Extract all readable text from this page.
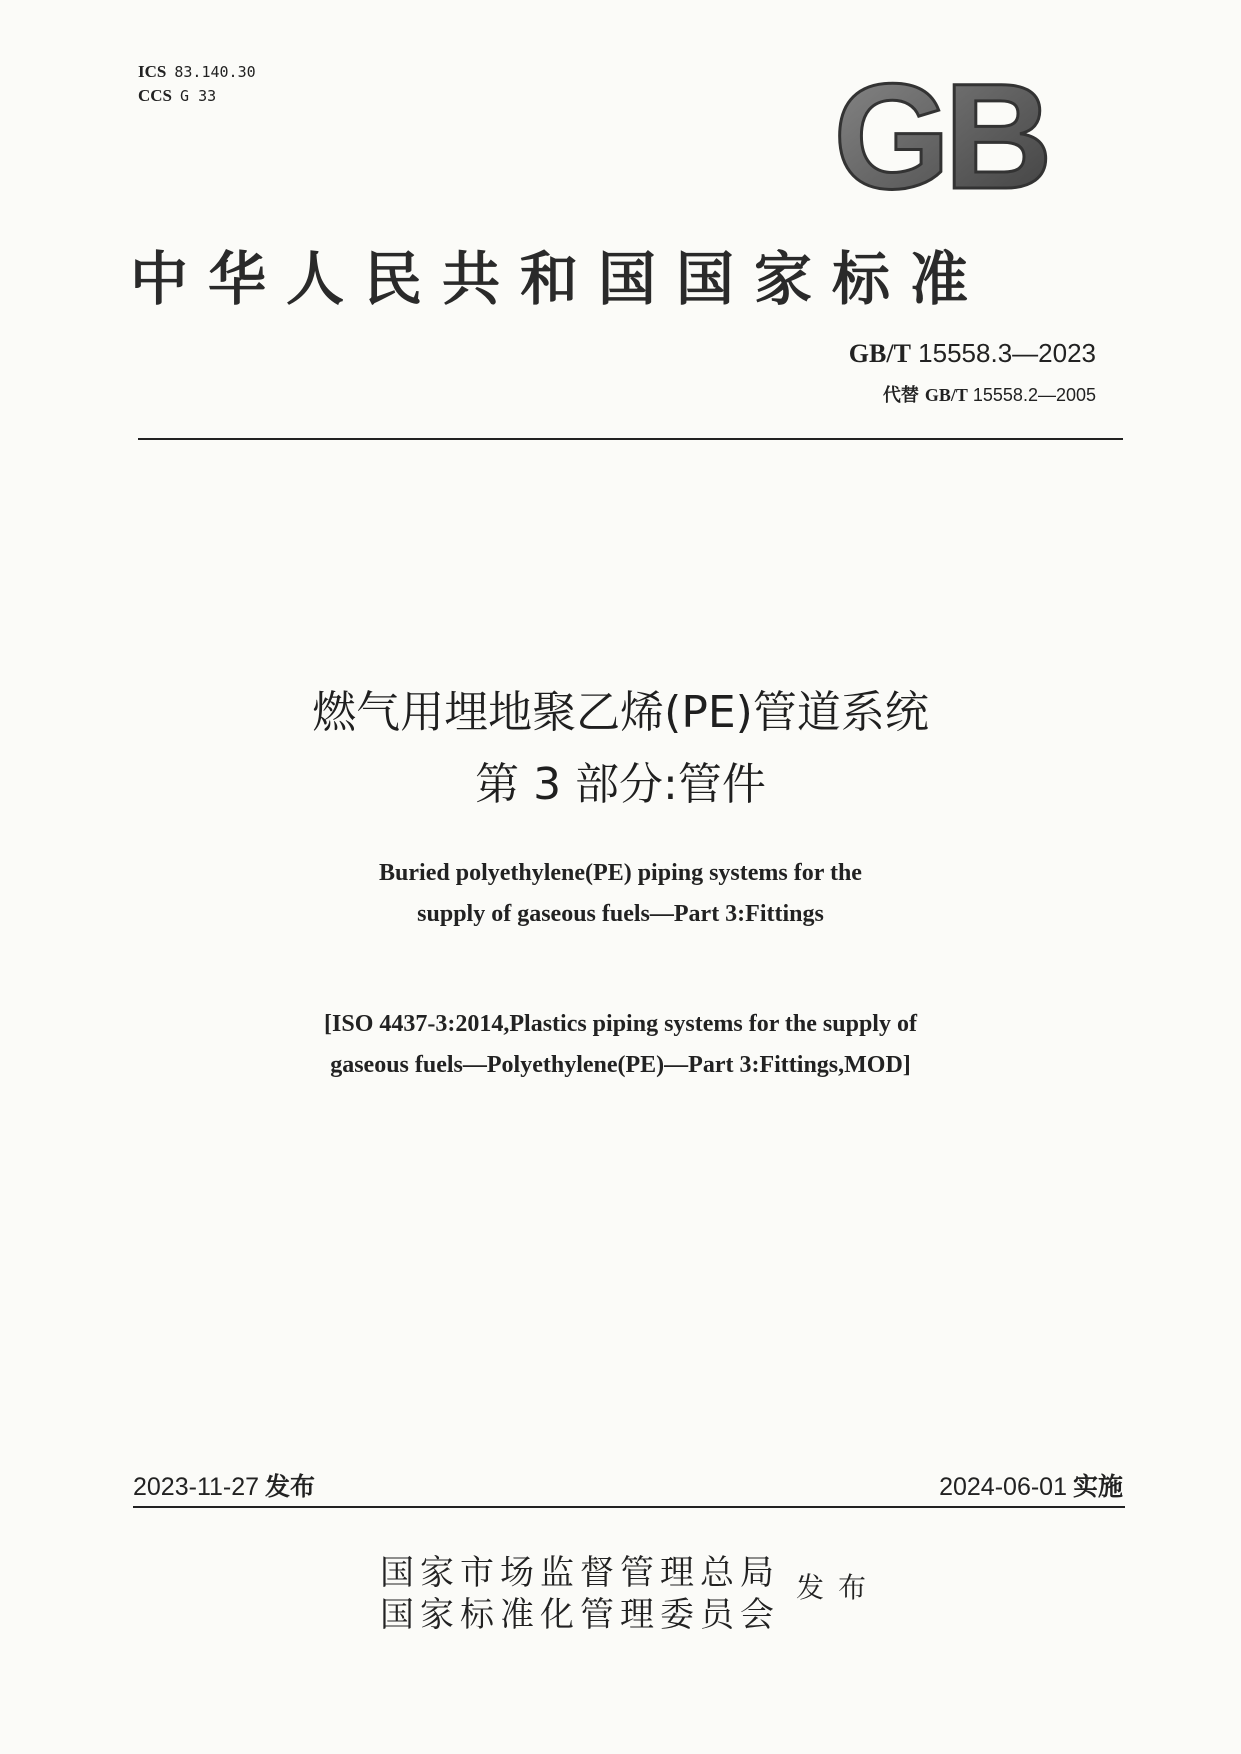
ICS 83.140.30
CCS G 33	GB
中华人民共和国国家标准
GB/T 15558.3—2023
代替 GB/T 15558.2—2005
燃气用埋地聚乙烯(PE)管道系统
第 3 部分:管件
Buried polyethylene(PE) piping systems for the
supply of gaseous fuels—Part 3:Fittings
[ISO 4437-3:2014,Plastics piping systems for the supply of
gaseous fuels—Polyethylene(PE)—Part 3:Fittings,MOD]
2023-11-27 发布	2024-06-01 实施
国家市场监督管理总局
国家标准化管理委员会
发布
